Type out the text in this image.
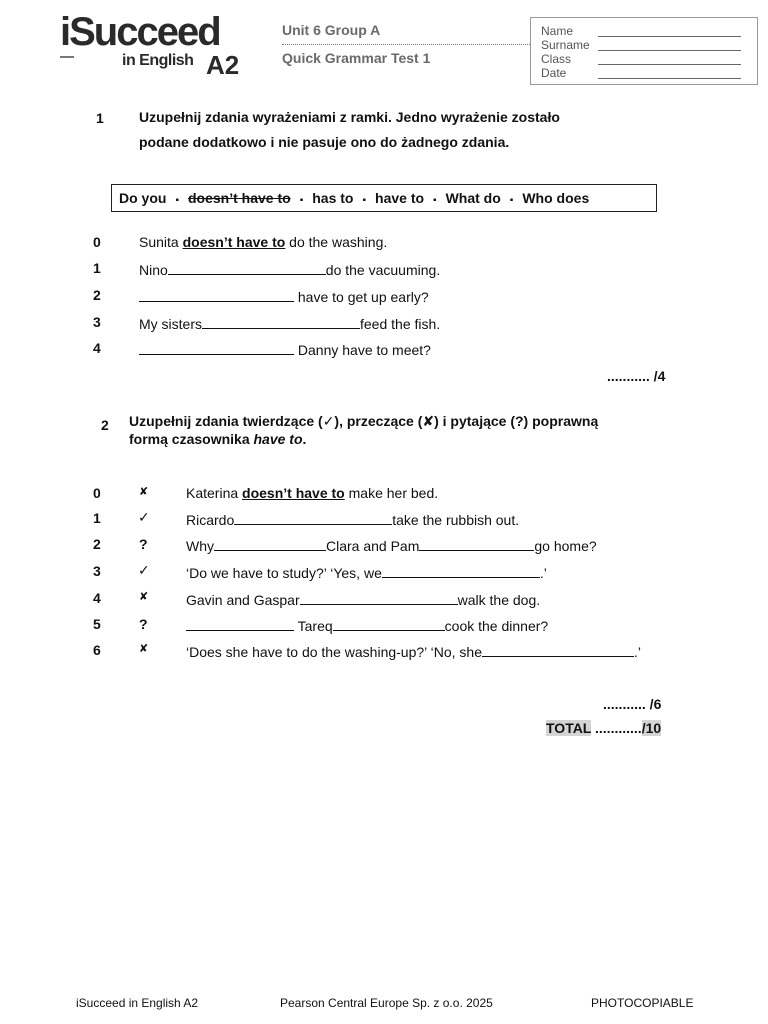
iSucceed
in English A2
Unit 6 Group A
Quick Grammar Test 1
Name
Surname
Class
Date
1	Uzupełnij zdania wyrażeniami z ramki. Jedno wyrażenie zostało
podane dodatkowo i nie pasuje ono do żadnego zdania.
Do you ▪ doesn’t have to ▪ has to ▪ have to ▪ What do ▪ Who does
0	Sunita doesn’t have to do the washing.
1	Nino	do the vacuuming.
2	have to get up early?
3	My sisters	feed the fish.
4	Danny have to meet?
........... /4
2 Uzupełnij zdania twierdzące (✓), przeczące (✘) i pytające (?) poprawną
formą czasownika have to.
0	✘	Katerina doesn’t have to make her bed.
1	✓	Ricardo	take the rubbish out.
2	?	Why	Clara and Pam	go home?
3	✓	‘Do we have to study?’ ‘Yes, we	.’
4	✘	Gavin and Gaspar	walk the dog.
5	?	Tareq	cook the dinner?
6	✘	‘Does she have to do the washing-up?’ ‘No, she	.’
........... /6
TOTAL ............/10
iSucceed in English A2	Pearson Central Europe Sp. z o.o. 2025	PHOTOCOPIABLE
